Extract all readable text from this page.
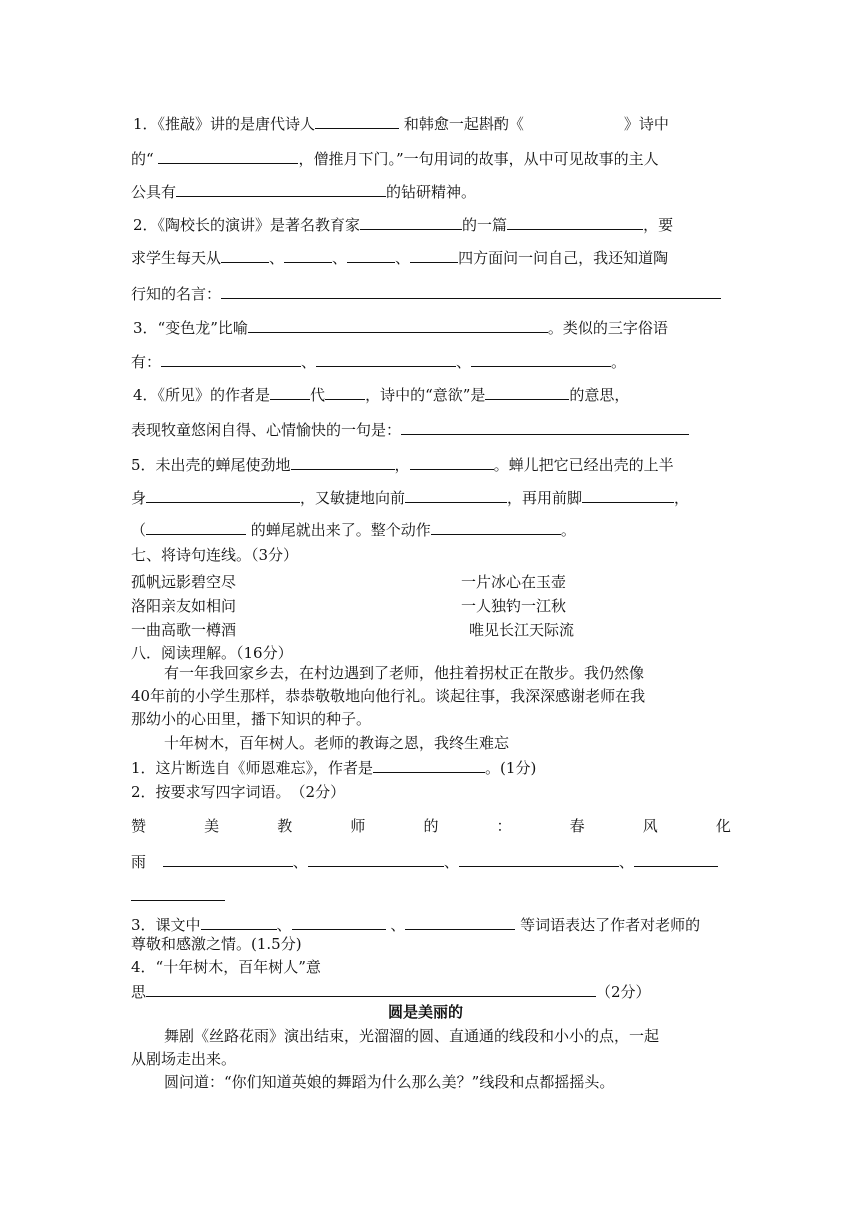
1．《推敲》讲的是唐代诗人	和韩愈一起斟酌《	》诗中
的“	，僧推月下门。”一句用词的故事，从中可见故事的主人
公具有	的钻研精神。
2．《陶校长的演讲》是著名教育家	的一篇	，要
求学生每天从	、	、	、	四方面问一问自己，我还知道陶
行知的名言：
3．“变色龙”比喻	。类似的三字俗语
有：	、	、	。
4．《所见》的作者是	代	，诗中的“意欲”是	的意思，
表现牧童悠闲自得、心情愉快的一句是：
5．未出壳的蝉尾使劲地	，	。蝉儿把它已经出壳的上半
身	，又敏捷地向前	，再用前脚	，
（	的蝉尾就出来了。整个动作	。
七、将诗句连线。（3分）
孤帆远影碧空尽
洛阳亲友如相问
一曲高歌一樽酒
一片冰心在玉壶
一人独钓一江秋
唯见长江天际流
八．阅读理解。（16分）
有一年我回家乡去，在村边遇到了老师，他拄着拐杖正在散步。我仍然像
40年前的小学生那样，恭恭敬敬地向他行礼。谈起往事，我深深感谢老师在我
那幼小的心田里，播下知识的种子。
十年树木，百年树人。老师的教诲之恩，我终生难忘
1．这片断选自《师恩难忘》，作者是	。(1分)
2．按要求写四字词语。　（2分）
赞	美	教	师	的	：	春	风	化
雨	、	、	、
3．课文中	、	、	等词语表达了作者对老师的
尊敬和感激之情。(1.5分)
4．“十年树木，百年树人”意
思	（2分）
圆是美丽的
舞剧《丝路花雨》演出结束，光溜溜的圆、直通通的线段和小小的点，一起
从剧场走出来。
圆问道：“你们知道英娘的舞蹈为什么那么美？”线段和点都摇摇头。
